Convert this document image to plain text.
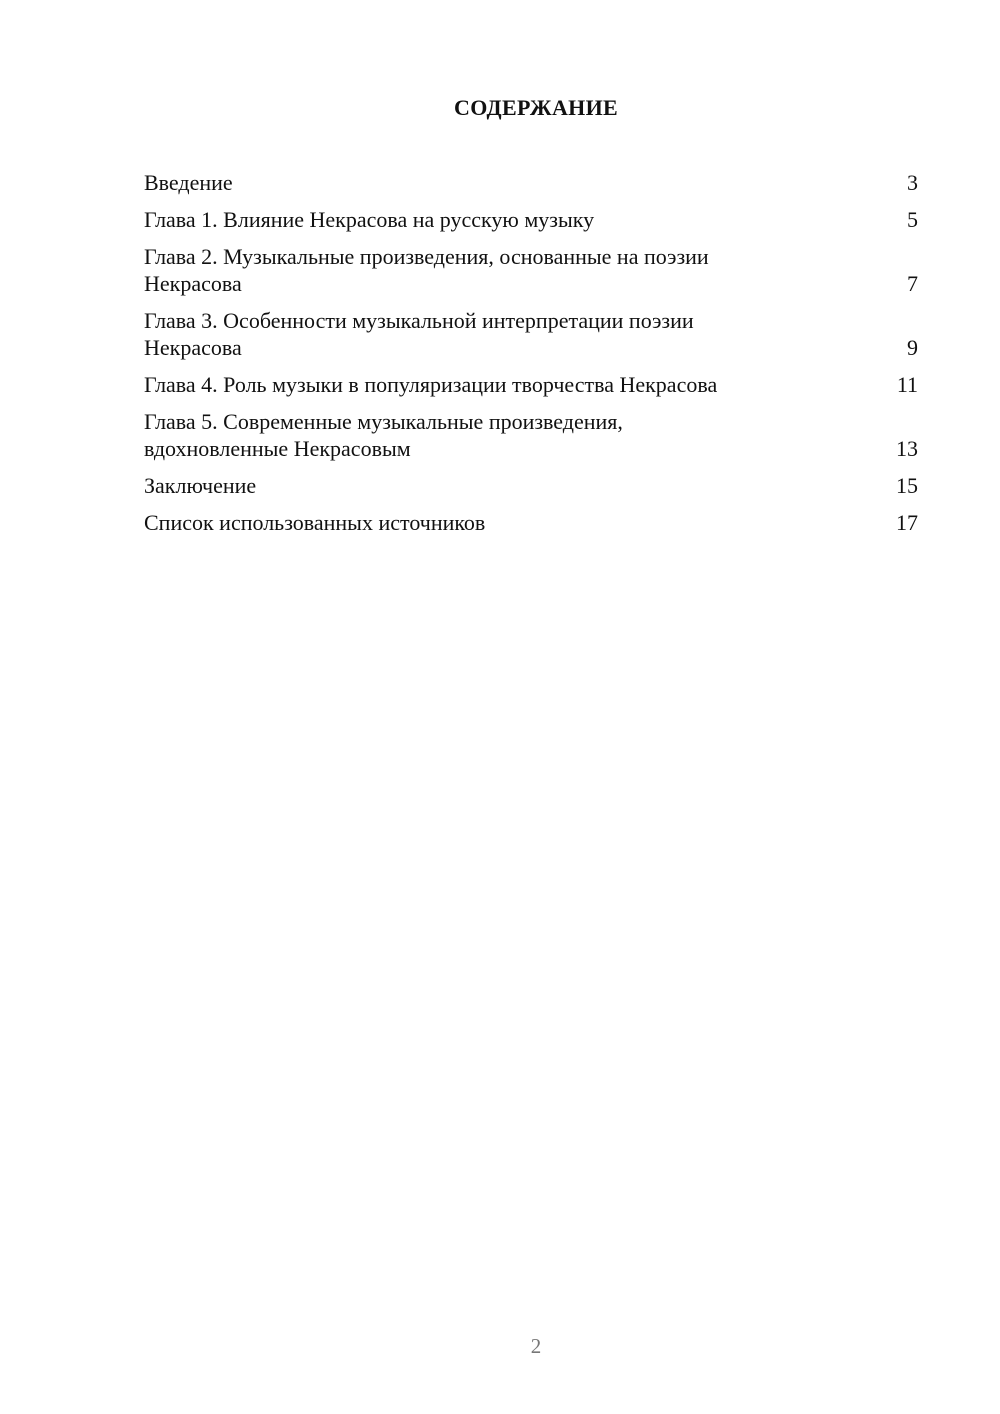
СОДЕРЖАНИЕ
Введение	3
Глава 1. Влияние Некрасова на русскую музыку	5
Глава 2. Музыкальные произведения, основанные на поэзии
Некрасова	7
Глава 3. Особенности музыкальной интерпретации поэзии
Некрасова	9
Глава 4. Роль музыки в популяризации творчества Некрасова	11
Глава 5. Современные музыкальные произведения,
вдохновленные Некрасовым	13
Заключение	15
Список использованных источников	17
2
